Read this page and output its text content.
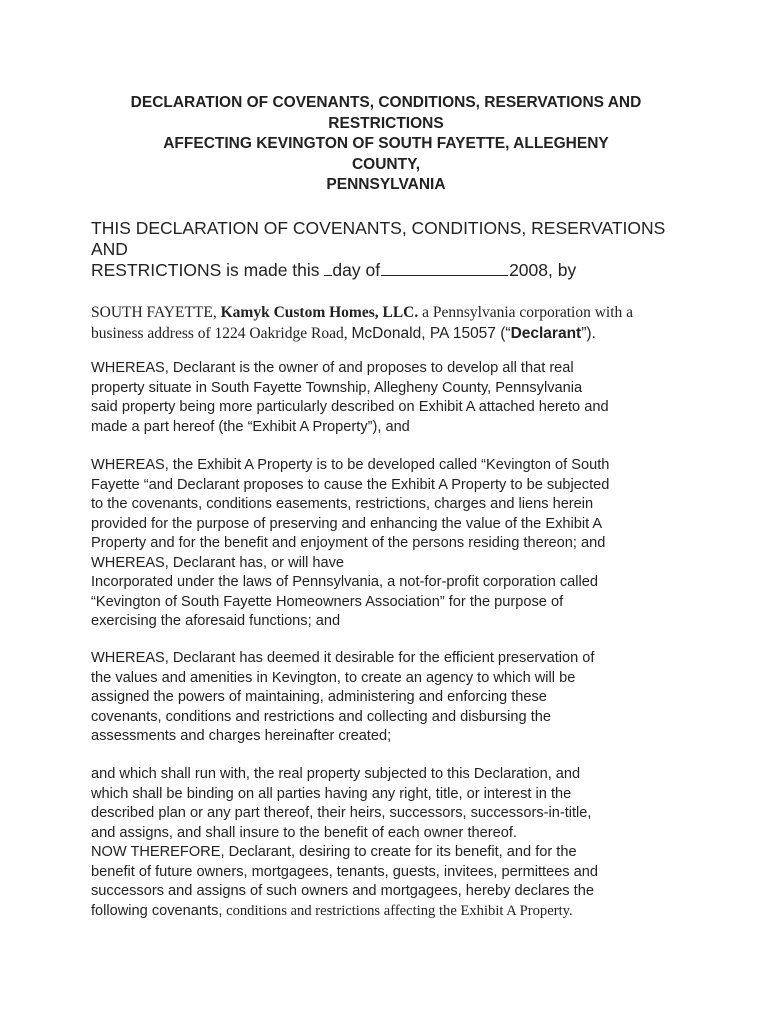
DECLARATION OF COVENANTS, CONDITIONS, RESERVATIONS AND
RESTRICTIONS
AFFECTING KEVINGTON OF SOUTH FAYETTE, ALLEGHENY
COUNTY,
PENNSYLVANIA
THIS DECLARATION OF COVENANTS, CONDITIONS, RESERVATIONS
AND
RESTRICTIONS is made this day of	2008, by
SOUTH FAYETTE, Kamyk Custom Homes, LLC. a Pennsylvania corporation with a
business address of 1224 Oakridge Road, McDonald, PA 15057 (“Declarant”).
WHEREAS, Declarant is the owner of and proposes to develop all that real
property situate in South Fayette Township, Allegheny County, Pennsylvania
said property being more particularly described on Exhibit A attached hereto and
made a part hereof (the “Exhibit A Property”), and
WHEREAS, the Exhibit A Property is to be developed called “Kevington of South
Fayette “and Declarant proposes to cause the Exhibit A Property to be subjected
to the covenants, conditions easements, restrictions, charges and liens herein
provided for the purpose of preserving and enhancing the value of the Exhibit A
Property and for the benefit and enjoyment of the persons residing thereon; and
WHEREAS, Declarant has, or will have
Incorporated under the laws of Pennsylvania, a not-for-profit corporation called
“Kevington of South Fayette Homeowners Association” for the purpose of
exercising the aforesaid functions; and
WHEREAS, Declarant has deemed it desirable for the efficient preservation of
the values and amenities in Kevington, to create an agency to which will be
assigned the powers of maintaining, administering and enforcing these
covenants, conditions and restrictions and collecting and disbursing the
assessments and charges hereinafter created;
and which shall run with, the real property subjected to this Declaration, and
which shall be binding on all parties having any right, title, or interest in the
described plan or any part thereof, their heirs, successors, successors-in-title,
and assigns, and shall insure to the benefit of each owner thereof.
NOW THEREFORE, Declarant, desiring to create for its benefit, and for the
benefit of future owners, mortgagees, tenants, guests, invitees, permittees and
successors and assigns of such owners and mortgagees, hereby declares the
following covenants, conditions and restrictions affecting the Exhibit A Property.
